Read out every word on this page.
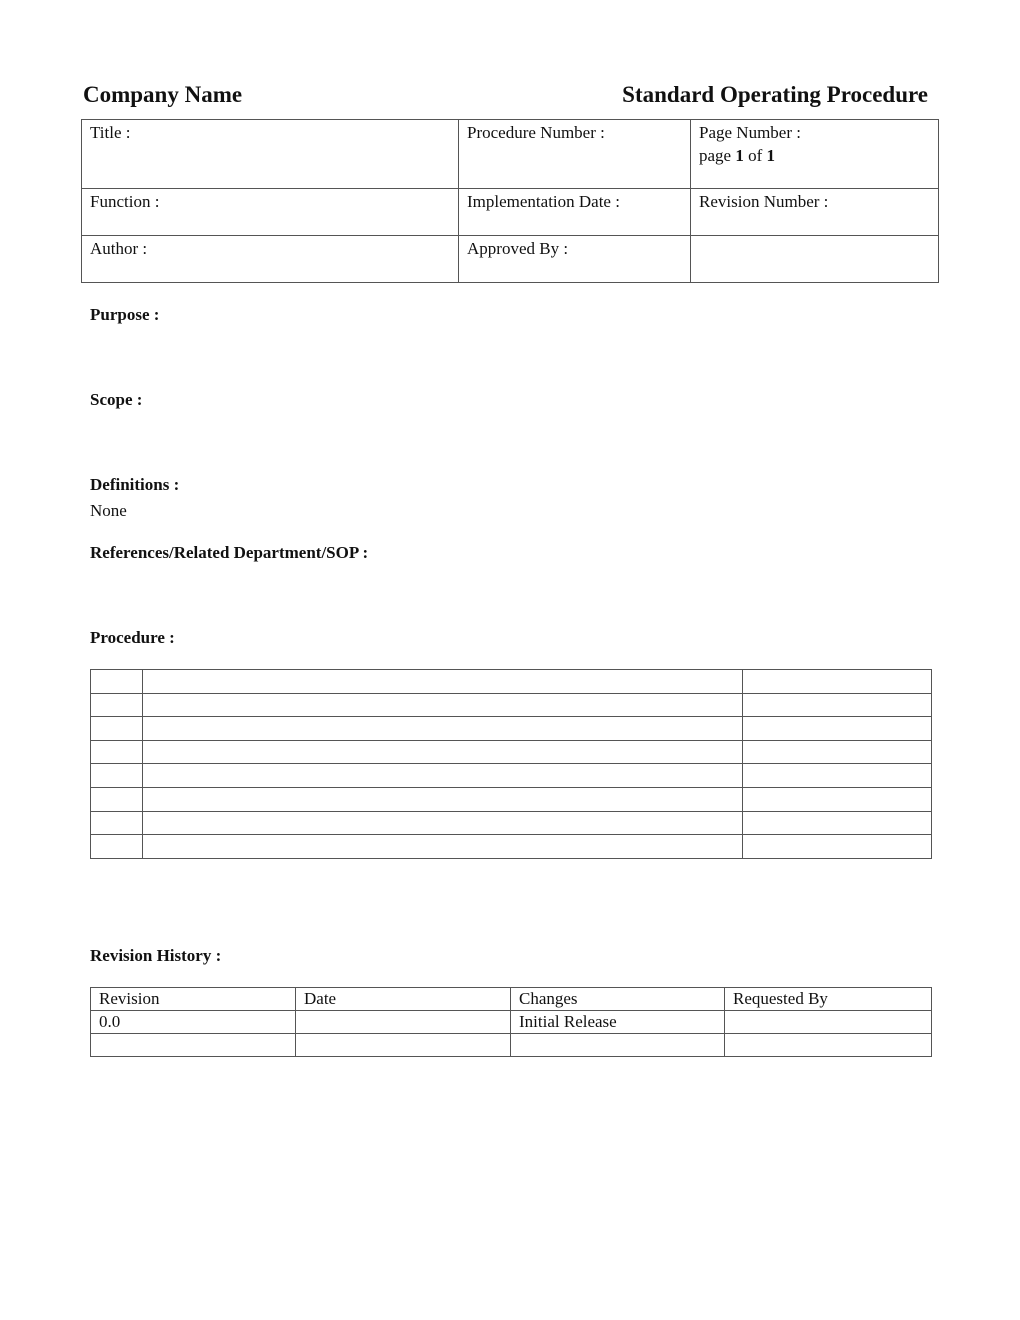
Company Name	Standard Operating Procedure
Title :	Procedure Number :	Page Number :
page 1 of 1

Function :	Implementation Date :	Revision Number :

Author :	Approved By :	

Purpose :
Scope :
Definitions :
None
References/Related Department/SOP :
Procedure :

Revision History :
Revision	Date	Changes	Requested By
0.0		Initial Release	
